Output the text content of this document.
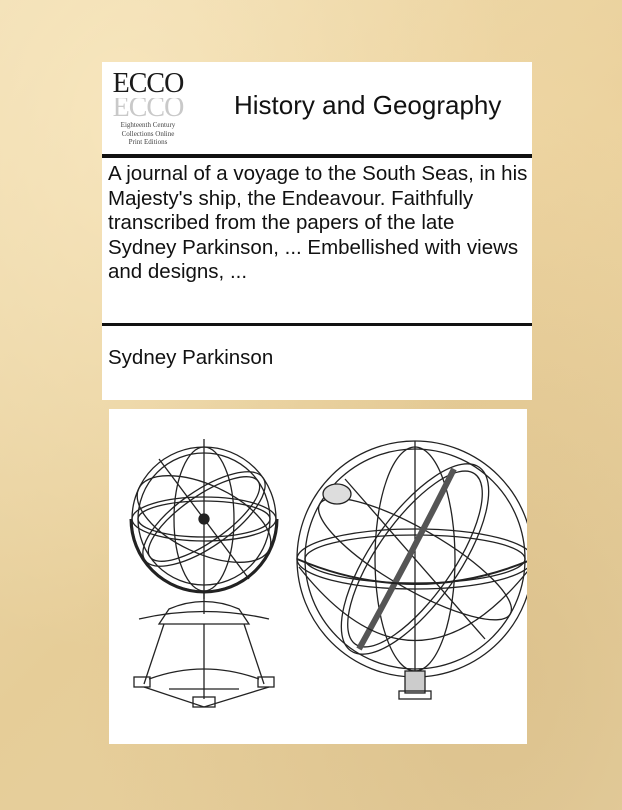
ECCO
ECCO
Eighteenth Century
Collections Online
Print Editions
History and Geography

A journal of a voyage to the South Seas, in his Majesty's ship, the Endeavour. Faithfully transcribed from the papers of the late Sydney Parkinson, ... Embellished with views and designs, ...

Sydney Parkinson
